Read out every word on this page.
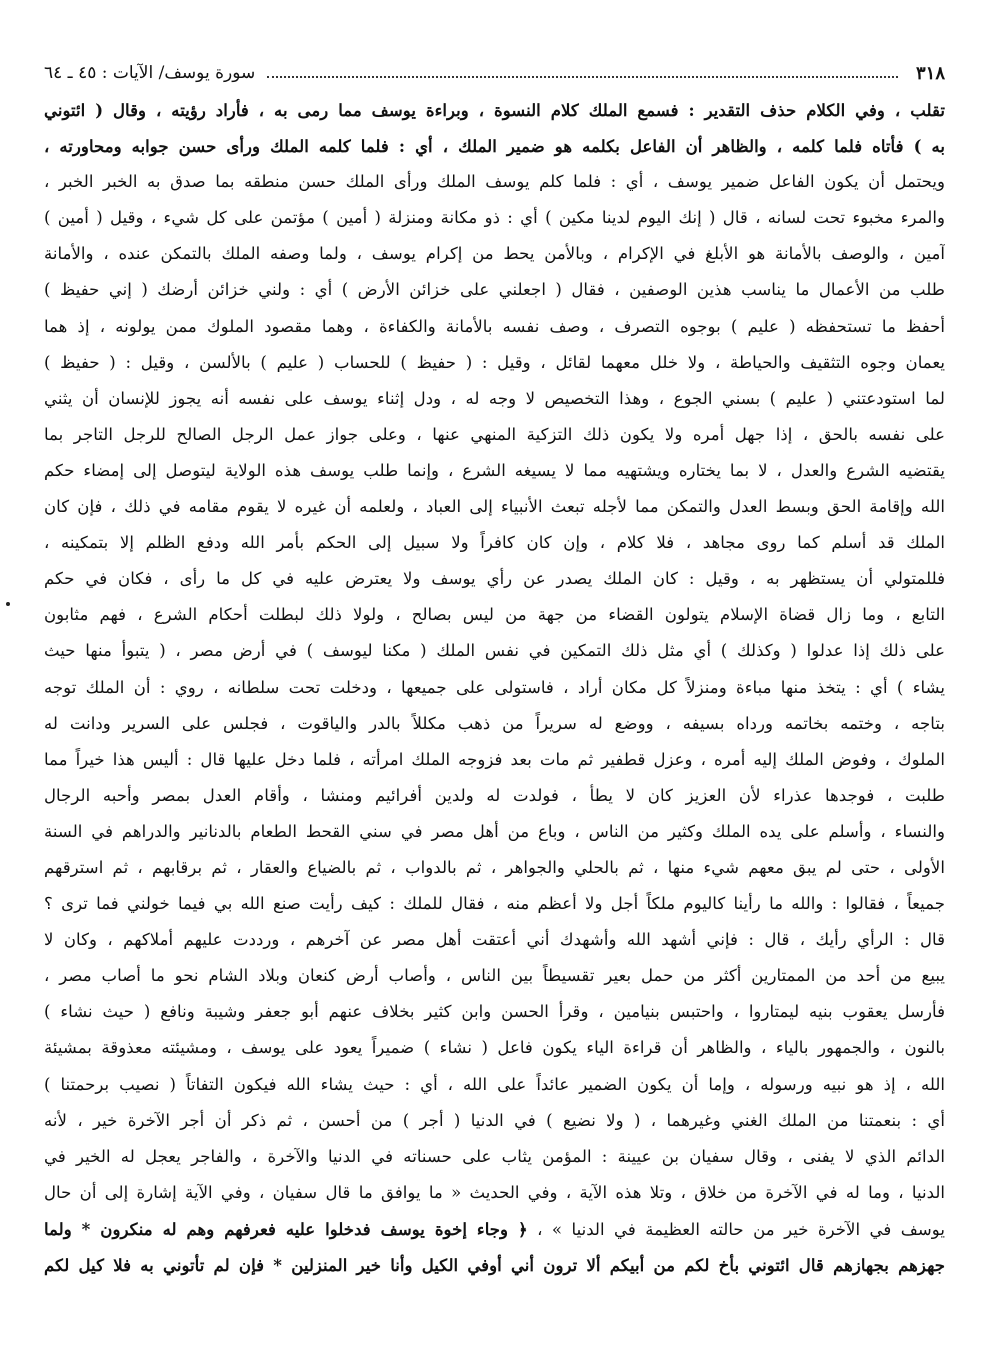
٣١٨
سورة يوسف/ الآيات : ٤٥ ـ ٦٤
تقلب ، وفي الكلام حذف التقدير : فسمع الملك كلام النسوة ، وبراءة يوسف مما رمى به ، فأراد رؤيته ، وقال ( ائتوني
به ) فأتاه فلما كلمه ، والظاهر أن الفاعل بكلمه هو ضمير الملك ، أي : فلما كلمه الملك ورأى حسن جوابه ومحاورته ،
ويحتمل أن يكون الفاعل ضمير يوسف ، أي : فلما كلم يوسف الملك ورأى الملك حسن منطقه بما صدق به الخبر الخبر ،
والمرء مخبوء تحت لسانه ، قال ( إنك اليوم لدينا مكين ) أي : ذو مكانة ومنزلة ( أمين ) مؤتمن على كل شيء ، وقيل ( أمين )
آمين ، والوصف بالأمانة هو الأبلغ في الإكرام ، وبالأمن يحط من إكرام يوسف ، ولما وصفه الملك بالتمكن عنده ، والأمانة
طلب من الأعمال ما يناسب هذين الوصفين ، فقال ( اجعلني على خزائن الأرض ) أي : ولني خزائن أرضك ( إني حفيظ )
أحفظ ما تستحفظه ( عليم ) بوجوه التصرف ، وصف نفسه بالأمانة والكفاءة ، وهما مقصود الملوك ممن يولونه ، إذ هما
يعمان وجوه التثقيف والحياطة ، ولا خلل معهما لقائل ، وقيل : ( حفيظ ) للحساب ( عليم ) بالألسن ، وقيل : ( حفيظ )
لما استودعتني ( عليم ) بسني الجوع ، وهذا التخصيص لا وجه له ، ودل إثناء يوسف على نفسه أنه يجوز للإنسان أن يثني
على نفسه بالحق ، إذا جهل أمره ولا يكون ذلك التزكية المنهي عنها ، وعلى جواز عمل الرجل الصالح للرجل التاجر بما
يقتضيه الشرع والعدل ، لا بما يختاره ويشتهيه مما لا يسيغه الشرع ، وإنما طلب يوسف هذه الولاية ليتوصل إلى إمضاء حكم
الله وإقامة الحق وبسط العدل والتمكن مما لأجله تبعث الأنبياء إلى العباد ، ولعلمه أن غيره لا يقوم مقامه في ذلك ، فإن كان
الملك قد أسلم كما روى مجاهد ، فلا كلام ، وإن كان كافراً ولا سبيل إلى الحكم بأمر الله ودفع الظلم إلا بتمكينه ،
فللمتولي أن يستظهر به ، وقيل : كان الملك يصدر عن رأي يوسف ولا يعترض عليه في كل ما رأى ، فكان في حكم
التابع ، وما زال قضاة الإسلام يتولون القضاء من جهة من ليس بصالح ، ولولا ذلك لبطلت أحكام الشرع ، فهم مثابون
على ذلك إذا عدلوا ( وكذلك ) أي مثل ذلك التمكين في نفس الملك ( مكنا ليوسف ) في أرض مصر ، ( يتبوأ منها حيث
يشاء ) أي : يتخذ منها مباءة ومنزلاً كل مكان أراد ، فاستولى على جميعها ، ودخلت تحت سلطانه ، روي : أن الملك توجه
بتاجه ، وختمه بخاتمه ورداه بسيفه ، ووضع له سريراً من ذهب مكللاً بالدر والياقوت ، فجلس على السرير ودانت له
الملوك ، وفوض الملك إليه أمره ، وعزل قطفير ثم مات بعد فزوجه الملك امرأته ، فلما دخل عليها قال : أليس هذا خيراً مما
طلبت ، فوجدها عذراء لأن العزيز كان لا يطأ ، فولدت له ولدين أفرائيم ومنشا ، وأقام العدل بمصر وأحبه الرجال
والنساء ، وأسلم على يده الملك وكثير من الناس ، وباع من أهل مصر في سني القحط الطعام بالدنانير والدراهم في السنة
الأولى ، حتى لم يبق معهم شيء منها ، ثم بالحلي والجواهر ، ثم بالدواب ، ثم بالضياع والعقار ، ثم برقابهم ، ثم استرقهم
جميعاً ، فقالوا : والله ما رأينا كاليوم ملكاً أجل ولا أعظم منه ، فقال للملك : كيف رأيت صنع الله بي فيما خولني فما ترى ؟
قال : الرأي رأيك ، قال : فإني أشهد الله وأشهدك أني أعتقت أهل مصر عن آخرهم ، ورددت عليهم أملاكهم ، وكان لا
يبيع من أحد من الممتارين أكثر من حمل بعير تقسيطاً بين الناس ، وأصاب أرض كنعان وبلاد الشام نحو ما أصاب مصر ،
فأرسل يعقوب بنيه ليمتاروا ، واحتبس بنيامين ، وقرأ الحسن وابن كثير بخلاف عنهم أبو جعفر وشيبة ونافع ( حيث نشاء )
بالنون ، والجمهور بالياء ، والظاهر أن قراءة الياء يكون فاعل ( نشاء ) ضميراً يعود على يوسف ، ومشيئته معذوقة بمشيئة
الله ، إذ هو نبيه ورسوله ، وإما أن يكون الضمير عائداً على الله ، أي : حيث يشاء الله فيكون التفاتاً ( نصيب برحمتنا )
أي : بنعمتنا من الملك الغني وغيرهما ، ( ولا نضيع ) في الدنيا ( أجر ) من أحسن ، ثم ذكر أن أجر الآخرة خير ، لأنه
الدائم الذي لا يفنى ، وقال سفيان بن عيينة : المؤمن يثاب على حسناته في الدنيا والآخرة ، والفاجر يعجل له الخير في
الدنيا ، وما له في الآخرة من خلاق ، وتلا هذه الآية ، وفي الحديث « ما يوافق ما قال سفيان ، وفي الآية إشارة إلى أن حال
يوسف في الآخرة خير من حالته العظيمة في الدنيا » ، ﴿ وجاء إخوة يوسف فدخلوا عليه فعرفهم وهم له منكرون * ولما
جهزهم بجهازهم قال ائتوني بأخ لكم من أبيكم ألا ترون أني أوفي الكيل وأنا خير المنزلين * فإن لم تأتوني به فلا كيل لكم
